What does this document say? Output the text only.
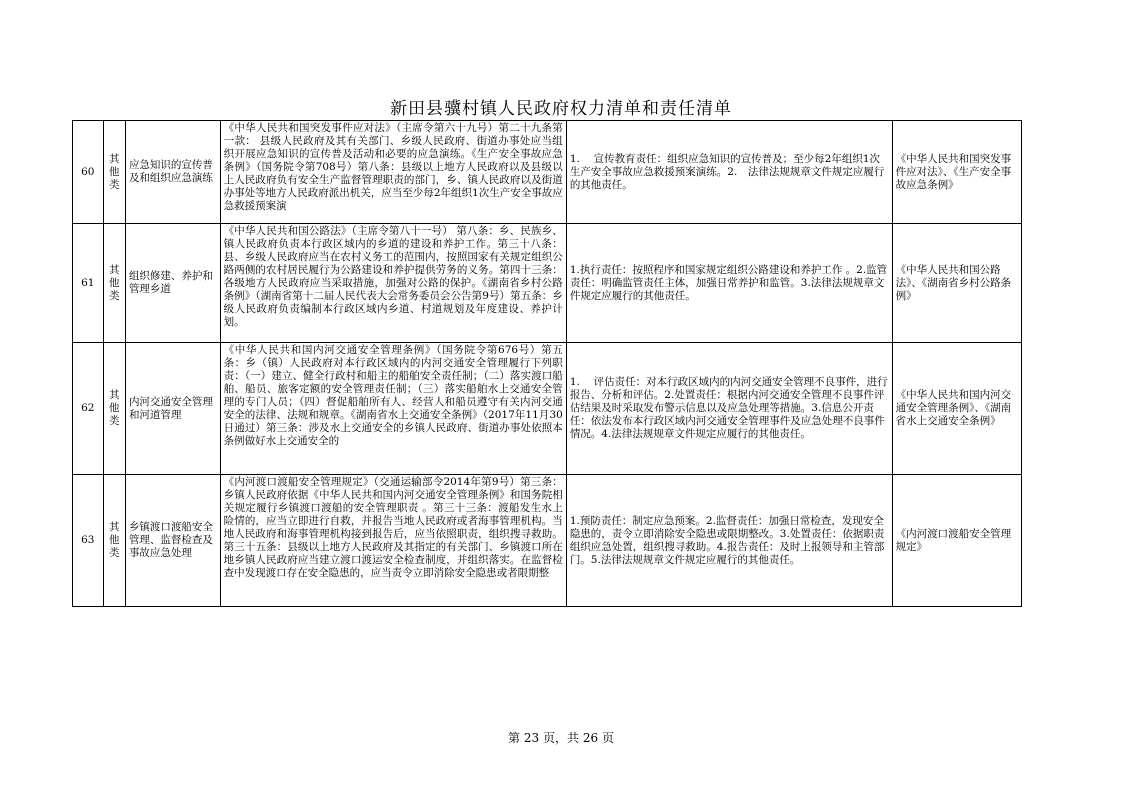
新田县骥村镇人民政府权力清单和责任清单
60	其他类	应急知识的宣传普及和组织应急演练	《中华人民共和国突发事件应对法》（主席令第六十九号）第二十九条第一款： 县级人民政府及其有关部门、乡级人民政府、街道办事处应当组织开展应急知识的宣传普及活动和必要的应急演练。《生产安全事故应急条例》（国务院令第708号）第八条：县级以上地方人民政府以及县级以上人民政府负有安全生产监督管理职责的部门，乡、镇人民政府以及街道办事处等地方人民政府派出机关，应当至少每2年组织1次生产安全事故应急救援预案演	1.　 宣传教育责任：组织应急知识的宣传普及；至少每2年组织1次生产安全事故应急救援预案演练。2.　法律法规规章文件规定应履行的其他责任。	《中华人民共和国突发事件应对法》、《生产安全事故应急条例》
61	其他类	组织修建、养护和管理乡道	《中华人民共和国公路法》（主席令第八十一号） 第八条：乡、民族乡、镇人民政府负责本行政区域内的乡道的建设和养护工作。第三十八条：县、乡级人民政府应当在农村义务工的范围内，按照国家有关规定组织公路两侧的农村居民履行为公路建设和养护提供劳务的义务。第四十三条：各级地方人民政府应当采取措施，加强对公路的保护。《湖南省乡村公路条例》（湖南省第十二届人民代表大会常务委员会公告第9号）第五条：乡级人民政府负责编制本行政区域内乡道、村道规划及年度建设、养护计划。	1.执行责任：按照程序和国家规定组织公路建设和养护工作 。2.监管责任：明确监管责任主体，加强日常养护和监管。3.法律法规规章文件规定应履行的其他责任。	《中华人民共和国公路法》、《湖南省乡村公路条例》
62	其他类	内河交通安全管理和河道管理	《中华人民共和国内河交通安全管理条例》（国务院令第676号）第五条：乡（镇）人民政府对本行政区域内的内河交通安全管理履行下列职责：（一）建立、健全行政村和船主的船舶安全责任制；（二）落实渡口船舶、船员、旅客定额的安全管理责任制；（三）落实船舶水上交通安全管理的专门人员；（四）督促船舶所有人、经营人和船员遵守有关内河交通安全的法律、法规和规章。《湖南省水上交通安全条例》（2017年11月30日通过）第三条：涉及水上交通安全的乡镇人民政府、街道办事处依照本条例做好水上交通安全的	1.　 评估责任：对本行政区域内的内河交通安全管理不良事件，进行报告、分析和评估。2.处置责任：根据内河交通安全管理不良事件评估结果及时采取发布警示信息以及应急处理等措施。3.信息公开责任：依法发布本行政区域内河交通安全管理事件及应急处理不良事件情况。4.法律法规规章文件规定应履行的其他责任。	《中华人民共和国内河交通安全管理条例》、《湖南省水上交通安全条例》
63	其他类	乡镇渡口渡船安全管理、监督检查及事故应急处理	《内河渡口渡船安全管理规定》（交通运输部令2014年第9号）第三条：乡镇人民政府依据《中华人民共和国内河交通安全管理条例》和国务院相关规定履行乡镇渡口渡船的安全管理职责 。第三十三条：渡船发生水上险情的，应当立即进行自救，并报告当地人民政府或者海事管理机构。当地人民政府和海事管理机构接到报告后，应当依照职责，组织搜寻救助。第三十五条：县级以上地方人民政府及其指定的有关部门、乡镇渡口所在地乡镇人民政府应当建立渡口渡运安全检查制度，并组织落实。在监督检查中发现渡口存在安全隐患的，应当责令立即消除安全隐患或者限期整	1.预防责任：制定应急预案。2.监督责任：加强日常检查，发现安全隐患的，责令立即消除安全隐患或限期整改。3.处置责任：依据职责组织应急处置，组织搜寻救助。4.报告责任：及时上报领导和主管部门。5.法律法规规章文件规定应履行的其他责任。	《内河渡口渡船安全管理规定》
第 23 页，共 26 页
